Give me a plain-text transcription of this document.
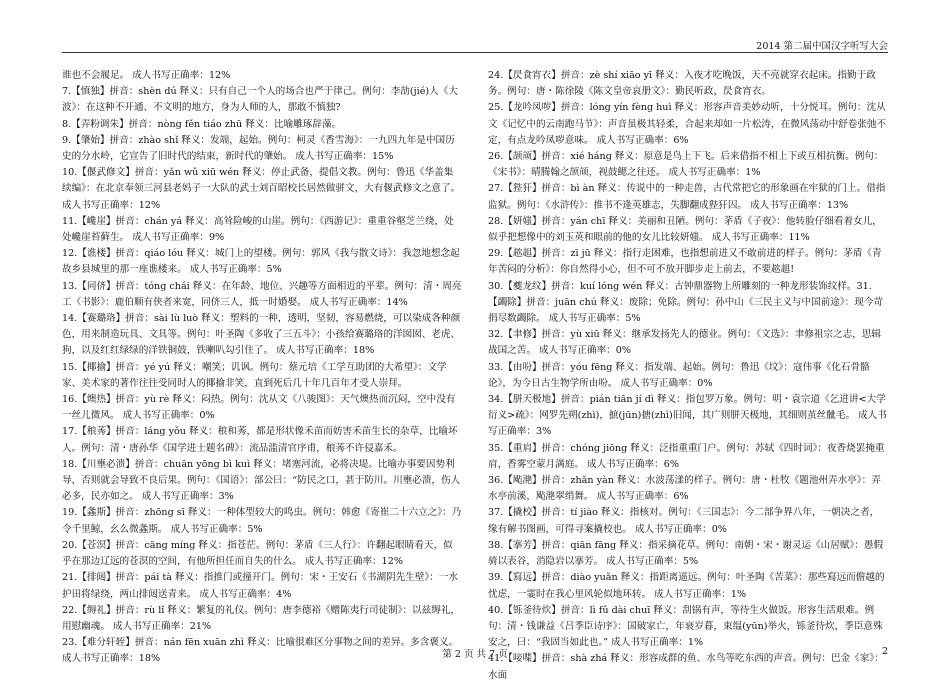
2014 第二届中国汉字听写大会

谁也不会履足。 成人书写正确率：12%

7.【慎独】拼音：shèn dú 释义：只有自己一个人的场合也严于律己。例句：李劼(jié)人《大波》：在这种不开通、不文明的地方，身为人师的人，那敢不慎独?

8.【弄粉调朱】拼音：nòng fěn tiáo zhū 释义：比喻雕琢辞藻。

9.【肇始】拼音：zhào shǐ 释义：发端，起始。例句：柯灵《香雪海》：一九四九年是中国历史的分水岭，它宣告了旧时代的结束，新时代的肇始。 成人书写正确率：15%

10.【偃武修文】拼音：yǎn wǔ xiū wén 释义：停止武备，提倡文教。例句：鲁迅《华盖集续编》：在北京奉领三河县老妈子一大队的武士刘百昭校长居然做骈文，大有偃武修文之意了。 成人书写正确率：12%

11.【巉崖】拼音：chán yá 释义：高耸险峻的山崖。例句：《西游记》：重重谷壑芝兰绕，处处巉崖苔藓生。 成人书写正确率：9%

12.【谯楼】拼音：qiáo lóu 释义：城门上的望楼。例句：郭风《我与散文诗》：我忽地想念起故乡县城里的那一座谯楼来。 成人书写正确率：5%

13.【同侪】拼音：tóng chái 释义：在年龄、地位、兴趣等方面相近的平辈。例句：清・周亮工《书影》：鹿伯顺有侠者来宽，同侪三人，抵一时婚娶。 成人书写正确率：14%

14.【赛璐珞】拼音：sài lù luò 释义：塑料的一种，透明，坚韧，容易燃烧，可以染成各种颜色，用来制造玩具、文具等。例句：叶圣陶《多收了三五斗》：小孩给赛璐珞的洋囡囡、老虎、狗，以及红红绿绿的洋铁铜鼓，铁喇叭勾引住了。 成人书写正确率：18%

15.【揶揄】拼音：yé yú 释义：嘲笑；讥讽。例句：蔡元培《工学互助团的大希望》：文学家、美术家的著作往往受同时人的揶揄非笑，直到死后几十年几百年才受人崇拜。

16.【燠热】拼音：yù rè 释义：闷热。例句：沈从文《八骏图》：天气燠热而沉闷，空中没有一丝儿微风。 成人书写正确率：0%

17.【稂莠】拼音：láng yǒu 释义：稂和莠，都是形状像禾苗而妨害禾苗生长的杂草，比喻坏人。例句：清・唐孙华《国学进士题名碑》：流品滥清官序甫，稂莠不许侵嘉禾。

18.【川壅必溃】拼音：chuān yōng bì kuì 释义：堵塞河流，必将决堤。比喻办事要因势利导，否则就会导致不良后果。例句：《国语》：部公曰：“防民之口，甚于防川。川壅必溃，伤人必多，民亦如之。 成人书写正确率：3%

19.【螽斯】拼音：zhōng sī 释义：一种体型较大的鸣虫。例句：韩愈《寄崔二十六立之》：乃令千里鲸，幺么微螽斯。 成人书写正确率：5%

20.【苍溟】拼音：cāng míng 释义：指苍茫。例句：茅盾《三人行》：许翻起眼睛看天，似乎在那边辽远的苍溟的空间，有他所担任而自失的什么。 成人书写正确率：12%

21.【排闼】拼音：pái tà 释义：指推门或撞开门。例句：宋・王安石《书湖阴先生壁》：一水护田将绿绕，两山排闼送青来。 成人书写正确率：4%

22.【缛礼】拼音：rù lǐ 释义：繁复的礼仪。例句：唐李德裕《赠陈夷行司徒制》：以兹缛礼，用慰幽魂。 成人书写正确率：21%

23.【难分轩轾】拼音：nán fēn xuān zhì 释义：比喻很难区分事物之间的差异。多含褒义。 成人书写正确率：18%

24.【昃食宵衣】拼音：zè shí xiāo yī 释义：入夜才吃晚饭，天不亮就穿衣起床。指勤于政务。例句：唐・陈徐陵《陈文皇帝哀册文》：勤民听政，昃食宵衣。

25.【龙吟凤哕】拼音：lóng yín fèng huì 释义：形容声音美妙动听，十分悦耳。例句：沈从文《记忆中的云南跑马节》：声音虽极其轻柔，合起来却如一片松涛，在微风荡动中舒卷张弛不定，有点龙吟凤哕意味。 成人书写正确率：6%

26.【颉颃】拼音：xié háng 释义：原意是鸟上下飞。后来借指不相上下或互相抗衡。例句：《宋书》：晴腾翰之颉颃，视鼓鳃之往还。 成人书写正确率：1%

27.【狴犴】拼音：bì àn 释义：传说中的一种走兽，古代常把它的形象画在牢狱的门上。借指监狱。例句：《水浒传》：推书不逢英雄志，失脚翻成狴犴囚。 成人书写正确率：13%

28.【妍媸】拼音：yán chī 释义：美丽和丑陋。例句：茅盾《子夜》：他转脸仔细看着女儿，似乎把想像中的刘玉英和眼前的他的女儿比较妍媸。 成人书写正确率：11%

29.【趑趄】拼音：zī jū 释义：指行走困难，也指想前进又不敢前进的样子。例句：茅盾《青年苦闷的分析》：你自然得小心，但不可不放开脚步走上前去，不要趑趄!

30.【夔龙纹】拼音：kuí lóng wén 释义：古钟鼎器物上所雕刻的一种龙形装饰纹样。31.【蠲除】拼音：juān chú 释义：废除；免除。例句：孙中山《三民主义与中国前途》：现今苛捐尽数蠲除。 成人书写正确率：5%

32.【聿修】拼音：yù xiū 释义：继承发扬先人的德业。例句：《文选》：聿修祖宗之志，思辑战国之苦。 成人书写正确率：0%

33.【由吩】拼音：yóu fēng 释义：指发端、起始。例句：鲁迅《坟》：寇伟事《化石骨骼论》，为今日古生物学所由吩。 成人书写正确率：0%

34.【胼天极地】拼音：pián tiān jí dì 释义：指包罗万象。例句：明・袁宗道《乞进讲<大学衍义>疏》：网罗先朔(zhì)，摭(jūn)搪(zhì)旧闻，其广则胼天极地，其细则茧丝骴毛。 成人书写正确率：3%

35.【重肩】拼音：chóng jiōng 释义：泛指重重门户。例句：苏轼《四时词》：夜香烧罢掩重肩，香雾空蒙月满庭。 成人书写正确率：6%

36.【飐滟】拼音：zhǎn yàn 释义：水波荡漾的样子。例句：唐・杜牧《题池州弄水亭》：弄水亭前溪，飐滟翠绡舞。 成人书写正确率：6%

37.【撬校】拼音：tí jiào 释义：指核对。例句：《三国志》：今二部争界八年，一朝决之者，缘有解书图画，可得寻案撬校也。 成人书写正确率：0%

38.【搴芳】拼音：qiān fāng 释义：指采摘花草。例句：南朝・宋・谢灵运《山居赋》：愚假骑以表谷，消隐岩以搴芳。 成人书写正确率：5%

39.【寫远】拼音：diào yuǎn 释义：指距离遥远。例句：叶圣陶《苦菜》：那些寫远而儋越的忧虑，一霎时在我心里风轮似地环转。 成人书写正确率：1%

40.【铄釜待炊】拼音：lì fǔ dài chuī 释义：刮锅有声，等待生火做饭。形容生活艰难。例句：清・钱谦益《吕季臣诗序》：国破家亡，年衰岁暮，束缊(yūn)举火，铄釜待炊，季臣意殊安之，曰：“我固当如此也。” 成人书写正确率：1%

41.【唼喋】拼音：shà zhá 释义：形容成群的鱼、水鸟等吃东西的声音。例句：巴金《家》：水面

第 2 页 共 7 页	2
